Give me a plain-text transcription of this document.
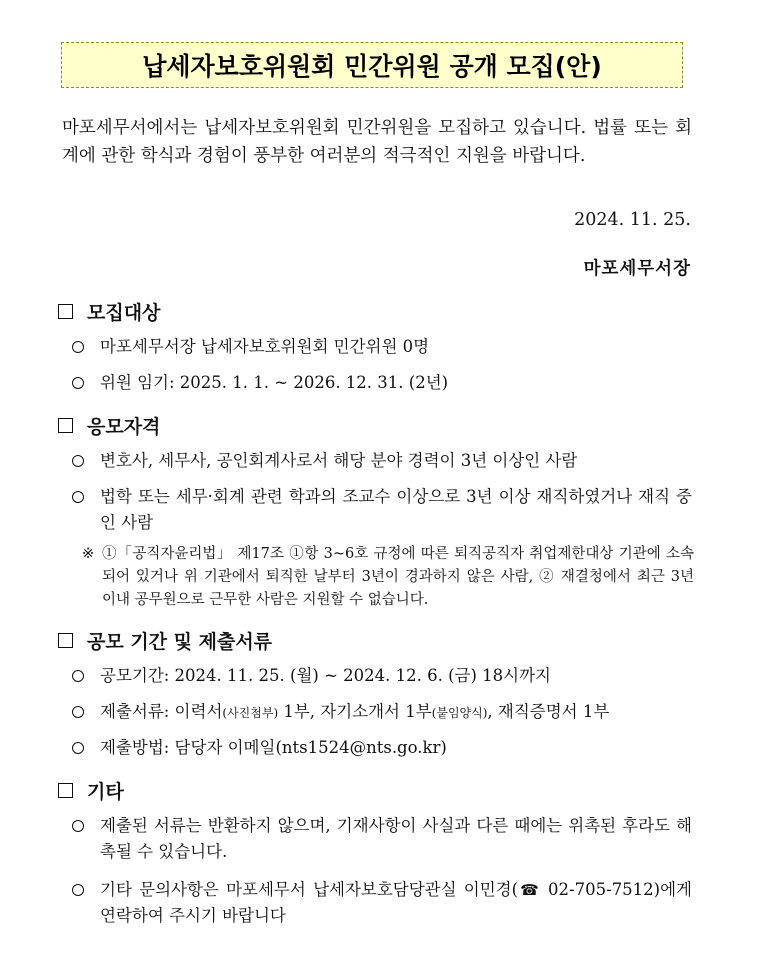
납세자보호위원회 민간위원 공개 모집(안)
마포세무서에서는 납세자보호위원회 민간위원을 모집하고 있습니다. 법률 또는 회계에 관한 학식과 경험이 풍부한 여러분의 적극적인 지원을 바랍니다.
2024. 11. 25.
마포세무서장
모집대상
마포세무서장 납세자보호위원회 민간위원 0명
위원 임기: 2025. 1. 1. ~ 2026. 12. 31. (2년)
응모자격
변호사, 세무사, 공인회계사로서 해당 분야 경력이 3년 이상인 사람
법학 또는 세무·회계 관련 학과의 조교수 이상으로 3년 이상 재직하였거나 재직 중인 사람
※ ①「공직자윤리법」 제17조 ①항 3~6호 규정에 따른 퇴직공직자 취업제한대상 기관에 소속되어 있거나 위 기관에서 퇴직한 날부터 3년이 경과하지 않은 사람, ② 재결청에서 최근 3년 이내 공무원으로 근무한 사람은 지원할 수 없습니다.
공모 기간 및 제출서류
공모기간: 2024. 11. 25. (월) ~ 2024. 12. 6. (금) 18시까지
제출서류: 이력서(사진첨부) 1부, 자기소개서 1부(붙임양식), 재직증명서 1부
제출방법: 담당자 이메일(nts1524@nts.go.kr)
기타
제출된 서류는 반환하지 않으며, 기재사항이 사실과 다른 때에는 위촉된 후라도 해촉될 수 있습니다.
기타 문의사항은 마포세무서 납세자보호담당관실 이민경(☎ 02-705-7512)에게 연락하여 주시기 바랍니다
